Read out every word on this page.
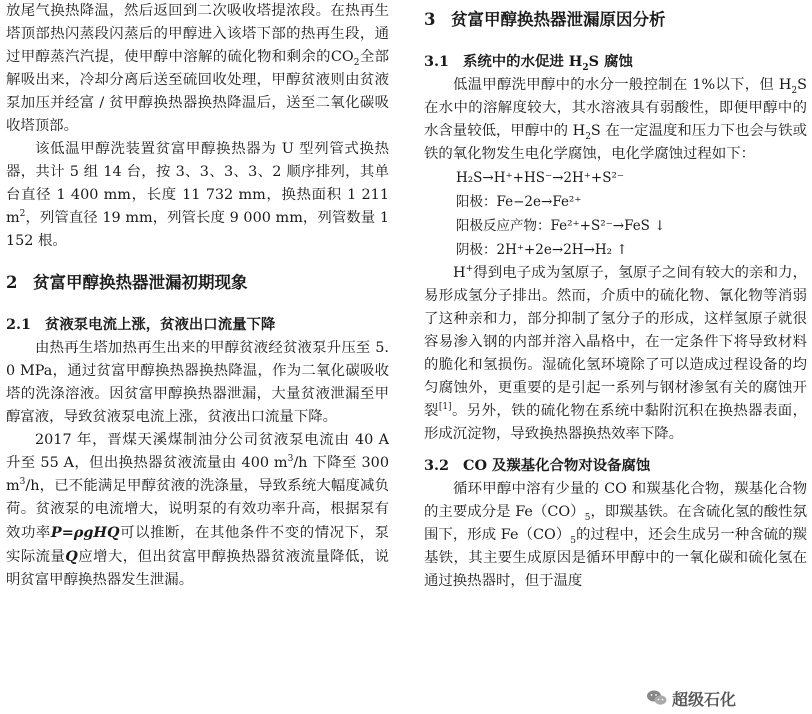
放尾气换热降温，然后返回到二次吸收塔提浓段。在热再生塔顶部热闪蒸段闪蒸后的甲醇进入该塔下部的热再生段，通过甲醇蒸汽汽提，使甲醇中溶解的硫化物和剩余的$CO_2$全部解吸出来，冷却分离后送至硫回收处理，甲醇贫液则由贫液泵加压并经富 / 贫甲醇换热器换热降温后，送至二氧化碳吸收塔顶部。

该低温甲醇洗装置贫富甲醇换热器为 U 型列管式换热器，共计 5 组 14 台，按 3、3、3、3、2 顺序排列，其单台直径 1 400 mm，长度 11 732 mm，换热面积 1 211 $m^2$，列管直径 19 mm，列管长度 9 000 mm，列管数量 1 152 根。

2 贫富甲醇换热器泄漏初期现象

2.1 贫液泵电流上涨，贫液出口流量下降

由热再生塔加热再生出来的甲醇贫液经贫液泵升压至 5. 0 MPa，通过贫富甲醇换热器换热降温，作为二氧化碳吸收塔的洗涤溶液。因贫富甲醇换热器泄漏，大量贫液泄漏至甲醇富液，导致贫液泵电流上涨，贫液出口流量下降。

2017 年，晋煤天溪煤制油分公司贫液泵电流由 40 A 升至 55 A，但出换热器贫液流量由 400 $m^3/h$ 下降至 300 $m^3/h$，已不能满足甲醇贫液的洗涤量，导致系统大幅度减负荷。贫液泵的电流增大，说明泵的有效功率升高，根据泵有效功率P=ρgHQ可以推断，在其他条件不变的情况下，泵实际流量Q应增大，但出贫富甲醇换热器贫液流量降低，说明贫富甲醇换热器发生泄漏。

3 贫富甲醇换热器泄漏原因分析

3.1 系统中的水促进 $H_2S$ 腐蚀

低温甲醇洗甲醇中的水分一般控制在 1%以下，但 $H_2S$ 在水中的溶解度较大，其水溶液具有弱酸性，即便甲醇中的水含量较低，甲醇中的 $H_2S$ 在一定温度和压力下也会与铁或铁的氧化物发生电化学腐蚀，电化学腐蚀过程如下：

H₂S→H⁺+HS⁻→2H⁺+S²⁻

阳极：Fe−2e→Fe²⁺

阳极反应产物：Fe²⁺+S²⁻→FeS ↓

阴极：2H⁺+2e→2H→H₂ ↑

H+得到电子成为氢原子，氢原子之间有较大的亲和力，易形成氢分子排出。然而，介质中的硫化物、氰化物等消弱了这种亲和力，部分抑制了氢分子的形成，这样氢原子就很容易渗入钢的内部并溶入晶格中，在一定条件下将导致材料的脆化和氢损伤。湿硫化氢环境除了可以造成过程设备的均匀腐蚀外，更重要的是引起一系列与钢材渗氢有关的腐蚀开裂[1]。另外，铁的硫化物在系统中黏附沉积在换热器表面，形成沉淀物，导致换热器换热效率下降。

3.2 CO 及羰基化合物对设备腐蚀

循环甲醇中溶有少量的 CO 和羰基化合物，羰基化合物的主要成分是 $Fe(CO)_5$，即羰基铁。在含硫化氢的酸性氛围下，形成 $Fe(CO)_5$的过程中，还会生成另一种含硫的羰基铁，其主要生成原因是循环甲醇中的一氧化碳和硫化氢在通过换热器时，但于温度

超级石化
